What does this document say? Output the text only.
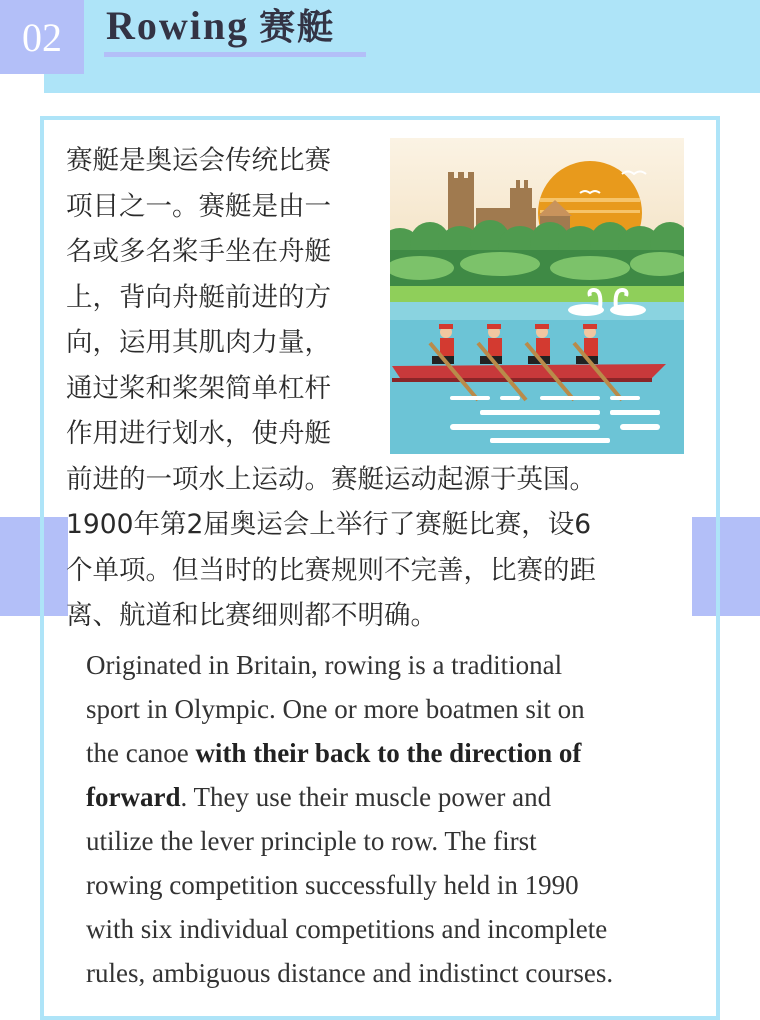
02	Rowing 赛艇
赛艇是奥运会传统比赛
项目之一。赛艇是由一
名或多名桨手坐在舟艇
上，背向舟艇前进的方
向，运用其肌肉力量，
通过桨和桨架简单杠杆
作用进行划水，使舟艇
前进的一项水上运动。赛艇运动起源于英国。
1900年第2届奥运会上举行了赛艇比赛，设6
个单项。但当时的比赛规则不完善，比赛的距
离、航道和比赛细则都不明确。
Originated in Britain, rowing is a traditional
sport in Olympic. One or more boatmen sit on
the canoe with their back to the direction of
forward. They use their muscle power and
utilize the lever principle to row. The first
rowing competition successfully held in 1990
with six individual competitions and incomplete
rules, ambiguous distance and indistinct courses.
